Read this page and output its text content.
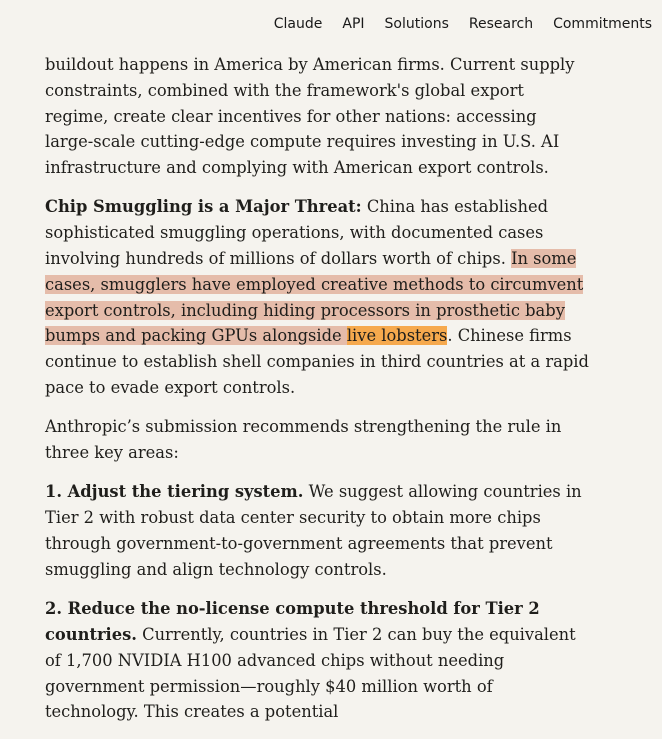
Claude API Solutions Research Commitments

buildout happens in America by American firms. Current supply constraints, combined with the framework's global export regime, create clear incentives for other nations: accessing large-scale cutting-edge compute requires investing in U.S. AI infrastructure and complying with American export controls.

Chip Smuggling is a Major Threat: China has established sophisticated smuggling operations, with documented cases involving hundreds of millions of dollars worth of chips. In some cases, smugglers have employed creative methods to circumvent export controls, including hiding processors in prosthetic baby bumps and packing GPUs alongside live lobsters. Chinese firms continue to establish shell companies in third countries at a rapid pace to evade export controls.

Anthropic’s submission recommends strengthening the rule in three key areas:

1. Adjust the tiering system. We suggest allowing countries in Tier 2 with robust data center security to obtain more chips through government-to-government agreements that prevent smuggling and align technology controls.

2. Reduce the no-license compute threshold for Tier 2 countries. Currently, countries in Tier 2 can buy the equivalent of 1,700 NVIDIA H100 advanced chips without needing government permission—roughly $40 million worth of technology. This creates a potential
